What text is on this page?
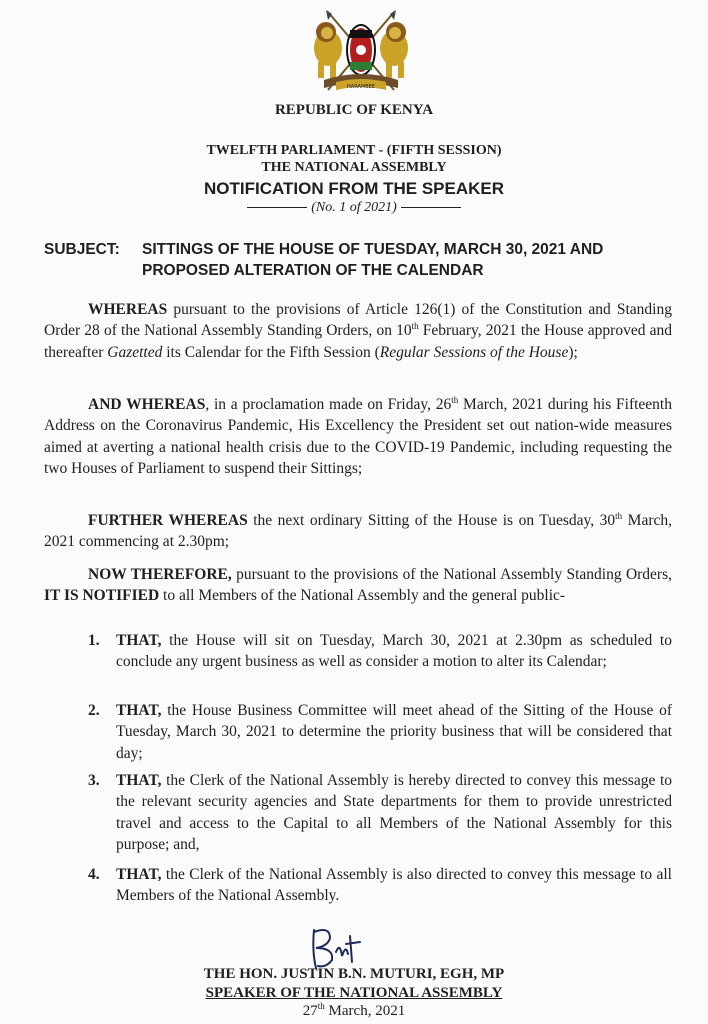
HARAMBEE
REPUBLIC OF KENYA
TWELFTH PARLIAMENT - (FIFTH SESSION)
THE NATIONAL ASSEMBLY
NOTIFICATION FROM THE SPEAKER
(No. 1 of 2021)
SUBJECT: SITTINGS OF THE HOUSE OF TUESDAY, MARCH 30, 2021 AND
PROPOSED ALTERATION OF THE CALENDAR
WHEREAS pursuant to the provisions of Article 126(1) of the Constitution and Standing Order 28 of the National Assembly Standing Orders, on 10th February, 2021 the House approved and thereafter Gazetted its Calendar for the Fifth Session (Regular Sessions of the House);
AND WHEREAS, in a proclamation made on Friday, 26th March, 2021 during his Fifteenth Address on the Coronavirus Pandemic, His Excellency the President set out nation-wide measures aimed at averting a national health crisis due to the COVID-19 Pandemic, including requesting the two Houses of Parliament to suspend their Sittings;
FURTHER WHEREAS the next ordinary Sitting of the House is on Tuesday, 30th March, 2021 commencing at 2.30pm;
NOW THEREFORE, pursuant to the provisions of the National Assembly Standing Orders, IT IS NOTIFIED to all Members of the National Assembly and the general public-
1. THAT, the House will sit on Tuesday, March 30, 2021 at 2.30pm as scheduled to conclude any urgent business as well as consider a motion to alter its Calendar;
2. THAT, the House Business Committee will meet ahead of the Sitting of the House of Tuesday, March 30, 2021 to determine the priority business that will be considered that day;
3. THAT, the Clerk of the National Assembly is hereby directed to convey this message to the relevant security agencies and State departments for them to provide unrestricted travel and access to the Capital to all Members of the National Assembly for this purpose; and,
4. THAT, the Clerk of the National Assembly is also directed to convey this message to all Members of the National Assembly.
THE HON. JUSTIN B.N. MUTURI, EGH, MP
SPEAKER OF THE NATIONAL ASSEMBLY
27th March, 2021
